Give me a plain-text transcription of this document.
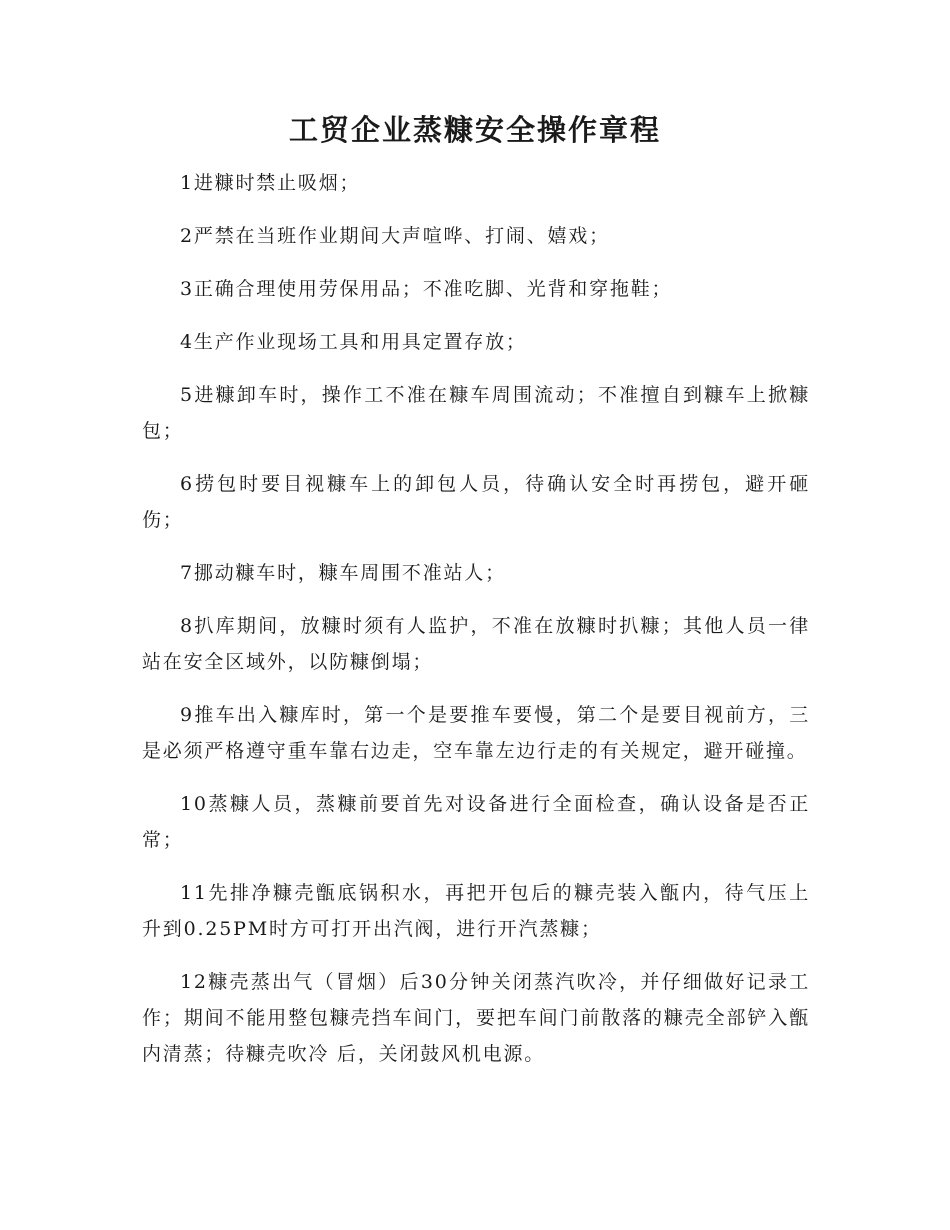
工贸企业蒸糠安全操作章程

1进糠时禁止吸烟；

2严禁在当班作业期间大声喧哗、打闹、嬉戏；

3正确合理使用劳保用品；不准吃脚、光背和穿拖鞋；

4生产作业现场工具和用具定置存放；

5进糠卸车时，操作工不准在糠车周围流动；不准擅自到糠车上掀糠包；

6捞包时要目视糠车上的卸包人员，待确认安全时再捞包，避开砸伤；

7挪动糠车时，糠车周围不准站人；

8扒库期间，放糠时须有人监护，不准在放糠时扒糠；其他人员一律站在安全区域外，以防糠倒塌；

9推车出入糠库时，第一个是要推车要慢，第二个是要目视前方，三是必须严格遵守重车靠右边走，空车靠左边行走的有关规定，避开碰撞。

10蒸糠人员，蒸糠前要首先对设备进行全面检查，确认设备是否正常；

11先排净糠壳甑底锅积水，再把开包后的糠壳装入甑内，待气压上升到0.25PM时方可打开出汽阀，进行开汽蒸糠；

12糠壳蒸出气（冒烟）后30分钟关闭蒸汽吹冷，并仔细做好记录工作；期间不能用整包糠壳挡车间门，要把车间门前散落的糠壳全部铲入甑内清蒸；待糠壳吹冷 后，关闭鼓风机电源。
